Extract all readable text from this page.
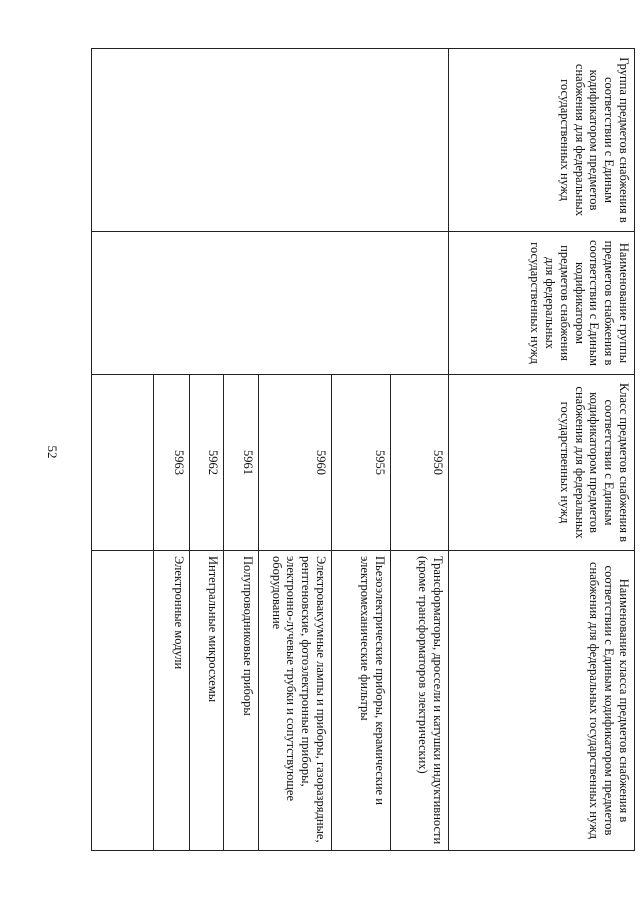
52
Группа предметов снабжения в соответствии с Единым кодификатором предметов снабжения для федеральных государственных нужд	Наименование группы предметов снабжения в соответствии с Единым кодификатором предметов снабжения для федеральных государственных нужд	Класс предметов снабжения в соответствии с Единым кодификатором предметов снабжения для федеральных государственных нужд	Наименование класса предметов снабжения в соответствии с Единым кодификатором предметов снабжения для федеральных государственных нужд
		5950	Трансформаторы, дроссели и катушки индуктивности (кроме трансформаторов электрических)
		5955	Пьезоэлектрические приборы, керамические и электромеханические фильтры
		5960	Электровакуумные лампы и приборы, газоразрядные, рентгеновские, фотоэлектронные приборы, электронно-лучевые трубки и сопутствующее оборудование
		5961	Полупроводниковые приборы
		5962	Интегральные микросхемы
		5963	Электронные модули
